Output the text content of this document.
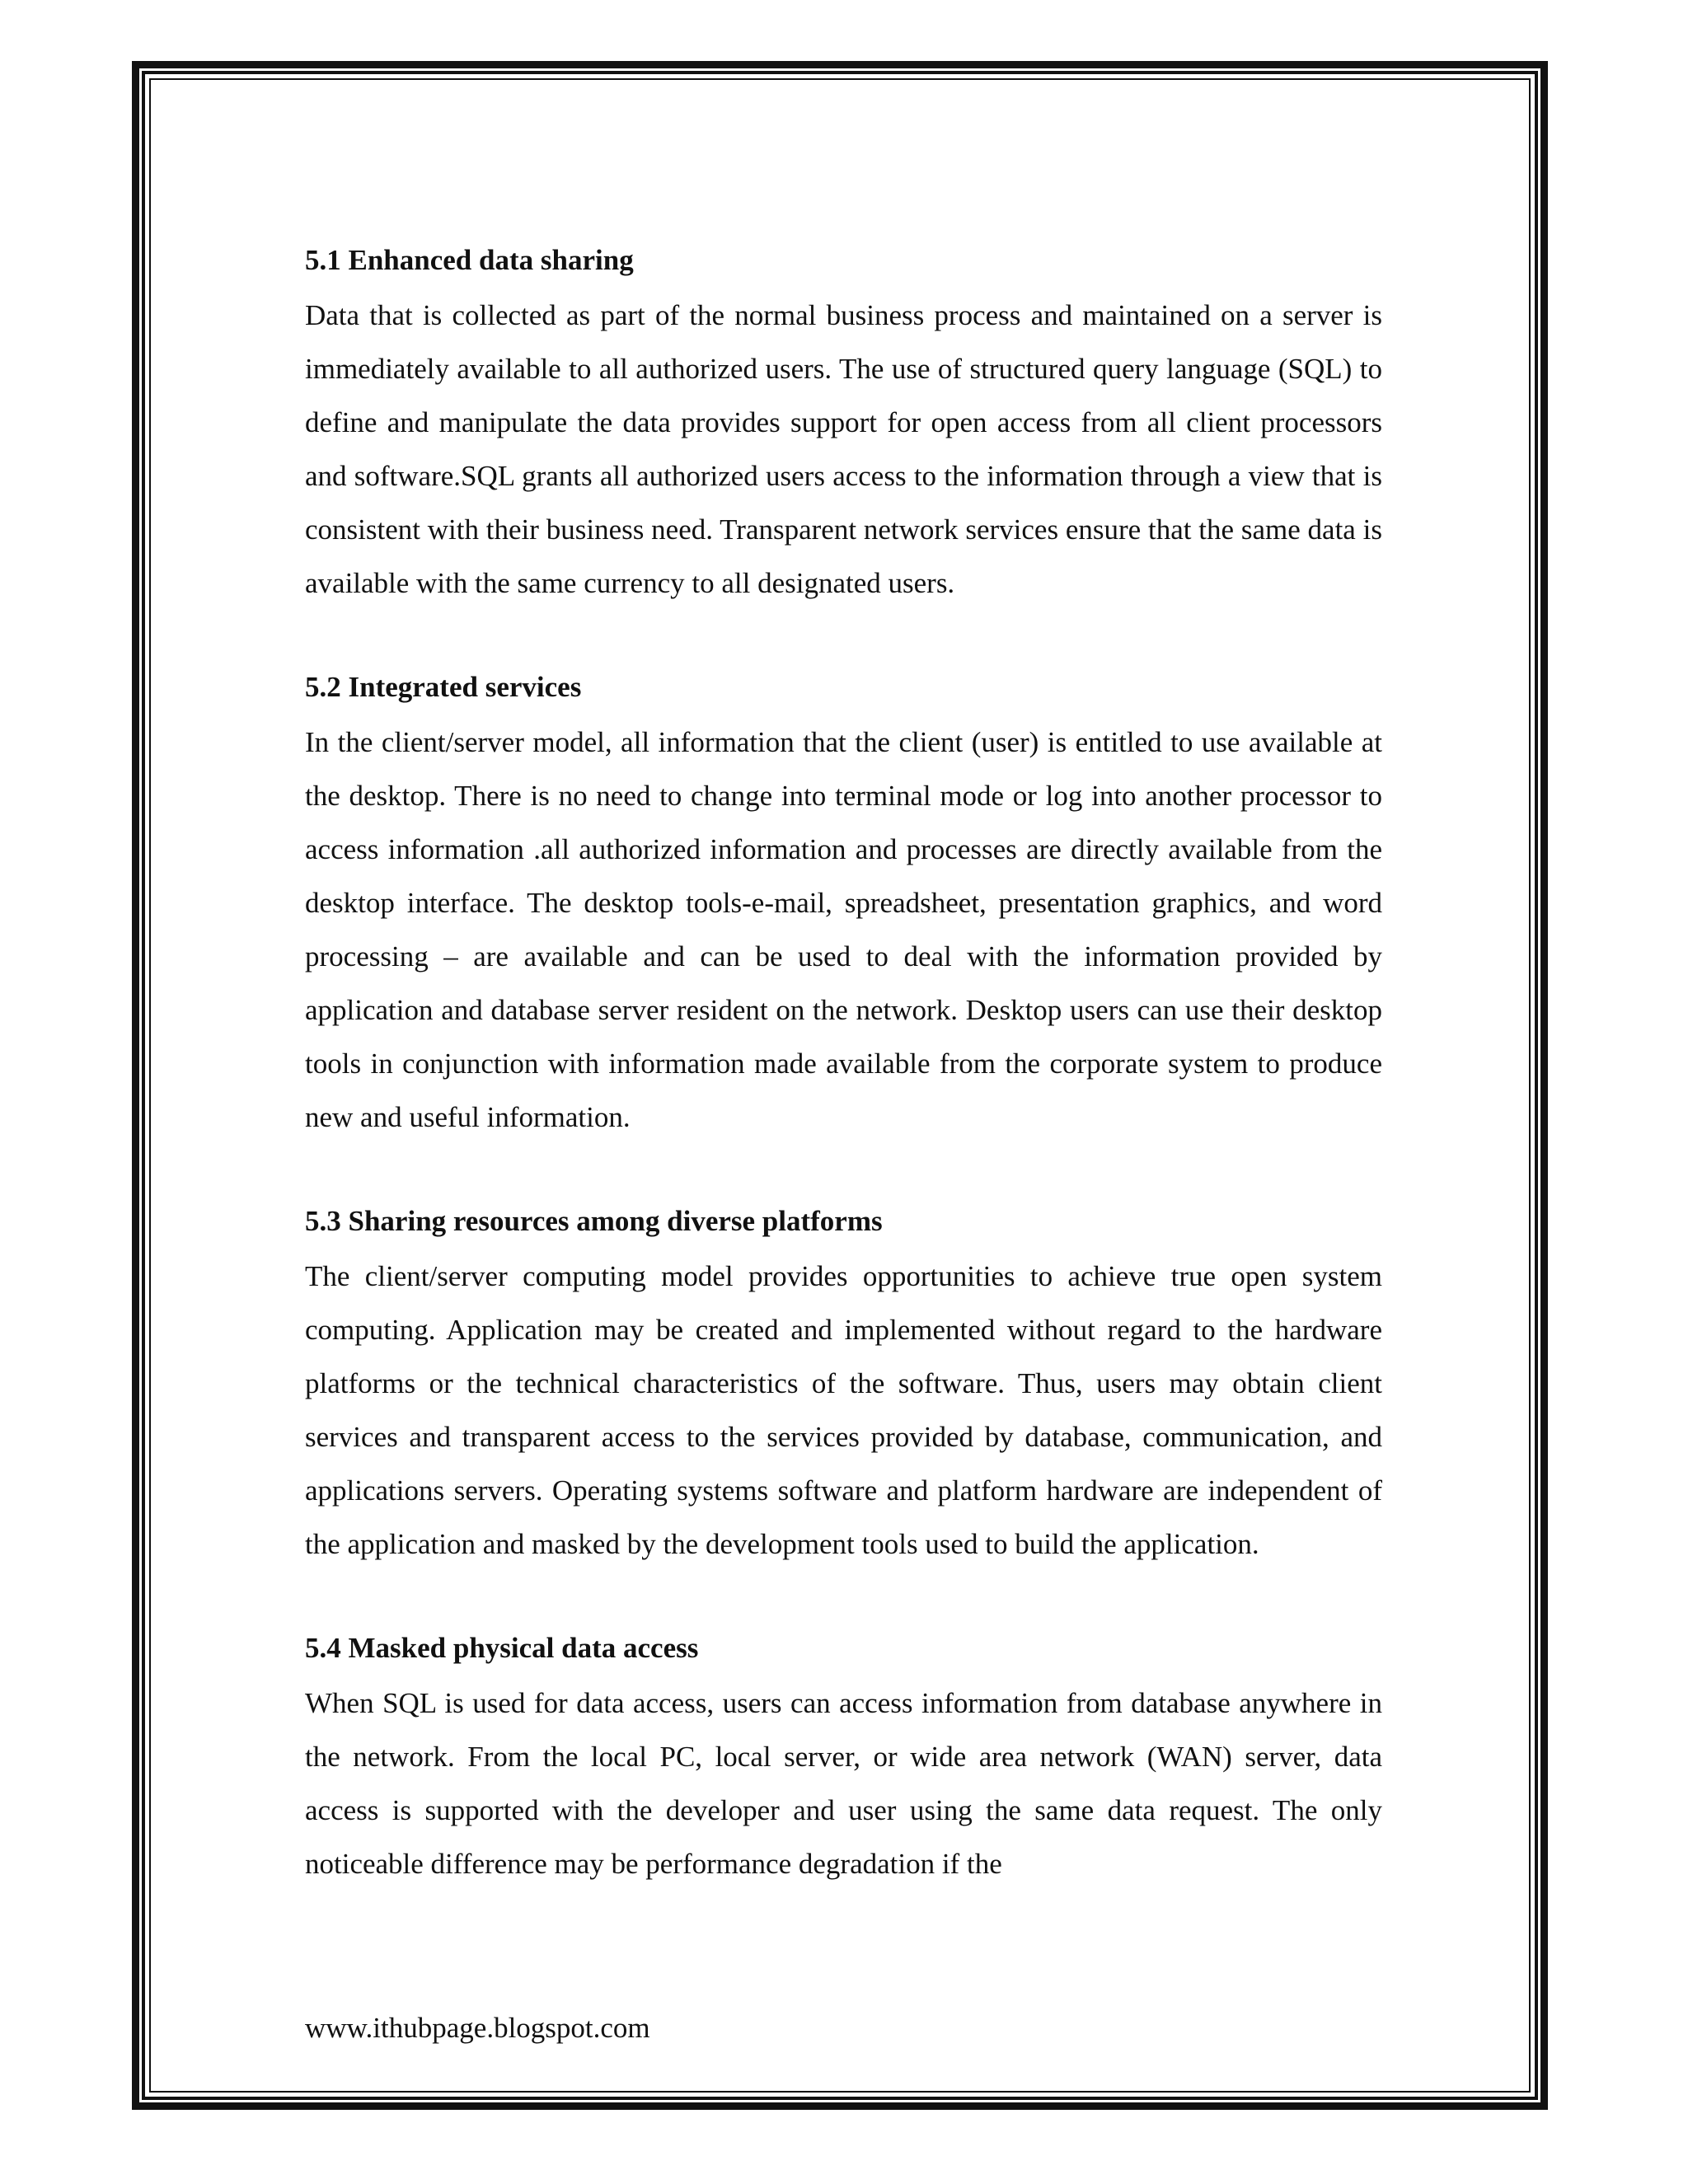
5.1 Enhanced data sharing

Data that is collected as part of the normal business process and maintained on a server is immediately available to all authorized users. The use of structured query language (SQL) to define and manipulate the data provides support for open access from all client processors and software.SQL grants all authorized users access to the information through a view that is consistent with their business need. Transparent network services ensure that the same data is available with the same currency to all designated users.

5.2 Integrated services

In the client/server model, all information that the client (user) is entitled to use available at the desktop. There is no need to change into terminal mode or log into another processor to access information .all authorized information and processes are directly available from the desktop interface. The desktop tools-e-mail, spreadsheet, presentation graphics, and word processing – are available and can be used to deal with the information provided by application and database server resident on the network. Desktop users can use their desktop tools in conjunction with information made available from the corporate system to produce new and useful information.

5.3 Sharing resources among diverse platforms

The client/server computing model provides opportunities to achieve true open system computing. Application may be created and implemented without regard to the hardware platforms or the technical characteristics of the software. Thus, users may obtain client services and transparent access to the services provided by database, communication, and applications servers. Operating systems software and platform hardware are independent of the application and masked by the development tools used to build the application.

5.4 Masked physical data access

When SQL is used for data access, users can access information from database anywhere in the network. From the local PC, local server, or wide area network (WAN) server, data access is supported with the developer and user using the same data request. The only noticeable difference may be performance degradation if the

www.ithubpage.blogspot.com
